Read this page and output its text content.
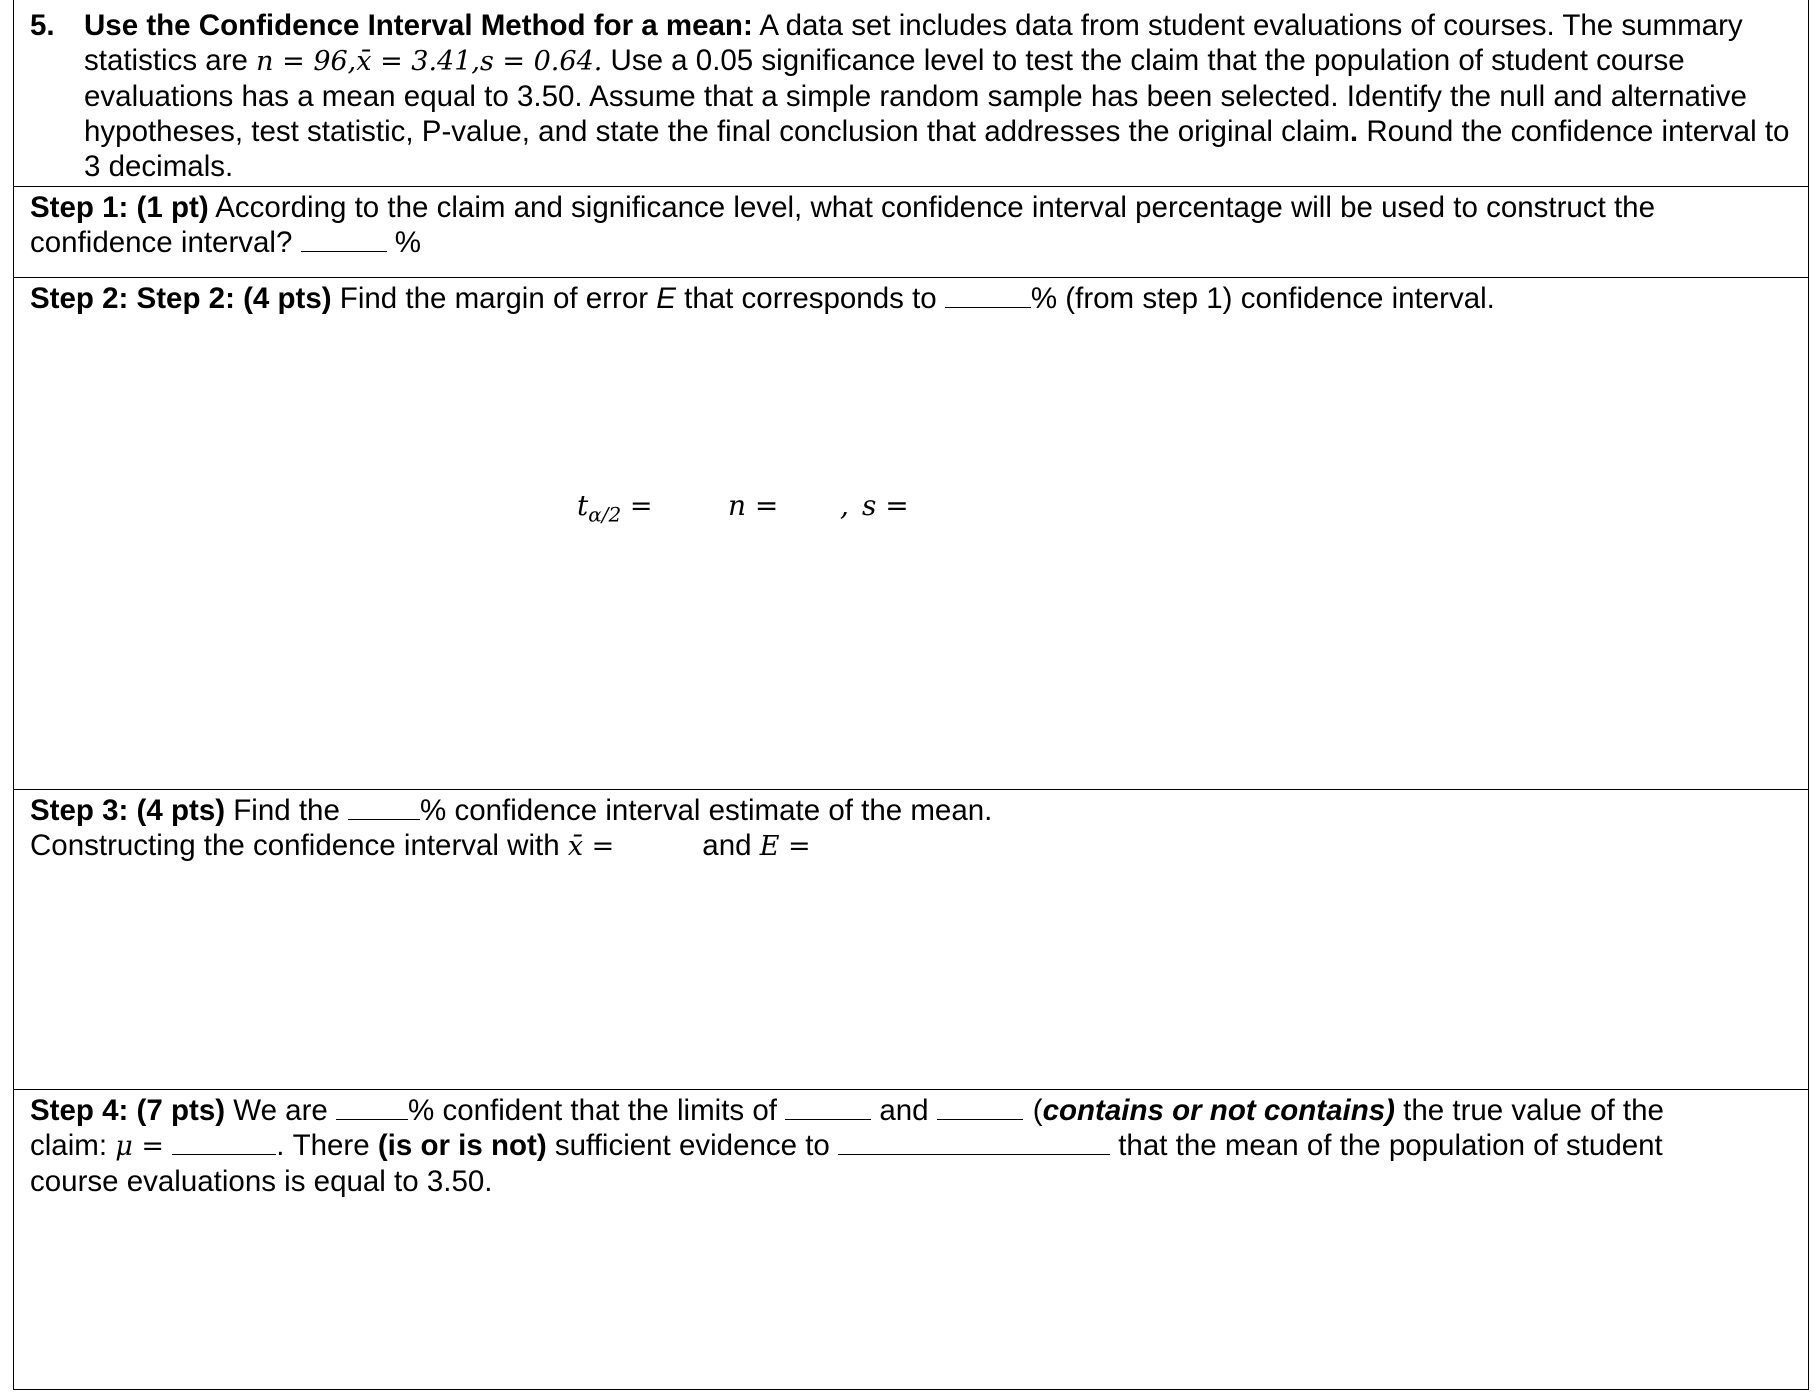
5. Use the Confidence Interval Method for a mean: A data set includes data from student evaluations of courses. The summary statistics are n = 96,x̄ = 3.41,s = 0.64. Use a 0.05 significance level to test the claim that the population of student course evaluations has a mean equal to 3.50. Assume that a simple random sample has been selected. Identify the null and alternative hypotheses, test statistic, P-value, and state the final conclusion that addresses the original claim. Round the confidence interval to 3 decimals.
Step 1: (1 pt) According to the claim and significance level, what confidence interval percentage will be used to construct the confidence interval?	%
Step 2: Step 2: (4 pts) Find the margin of error E that corresponds to	% (from step 1) confidence interval.
$t_{\alpha/2}$ =	n = , s =
Step 3: (4 pts) Find the % confidence interval estimate of the mean.
Constructing the confidence interval with x̄ =	and E =
Step 4: (7 pts) We are % confident that the limits of	and	(contains or not contains) the true value of the
claim: μ =	. There (is or is not) sufficient evidence to	that the mean of the population of student
course evaluations is equal to 3.50.
